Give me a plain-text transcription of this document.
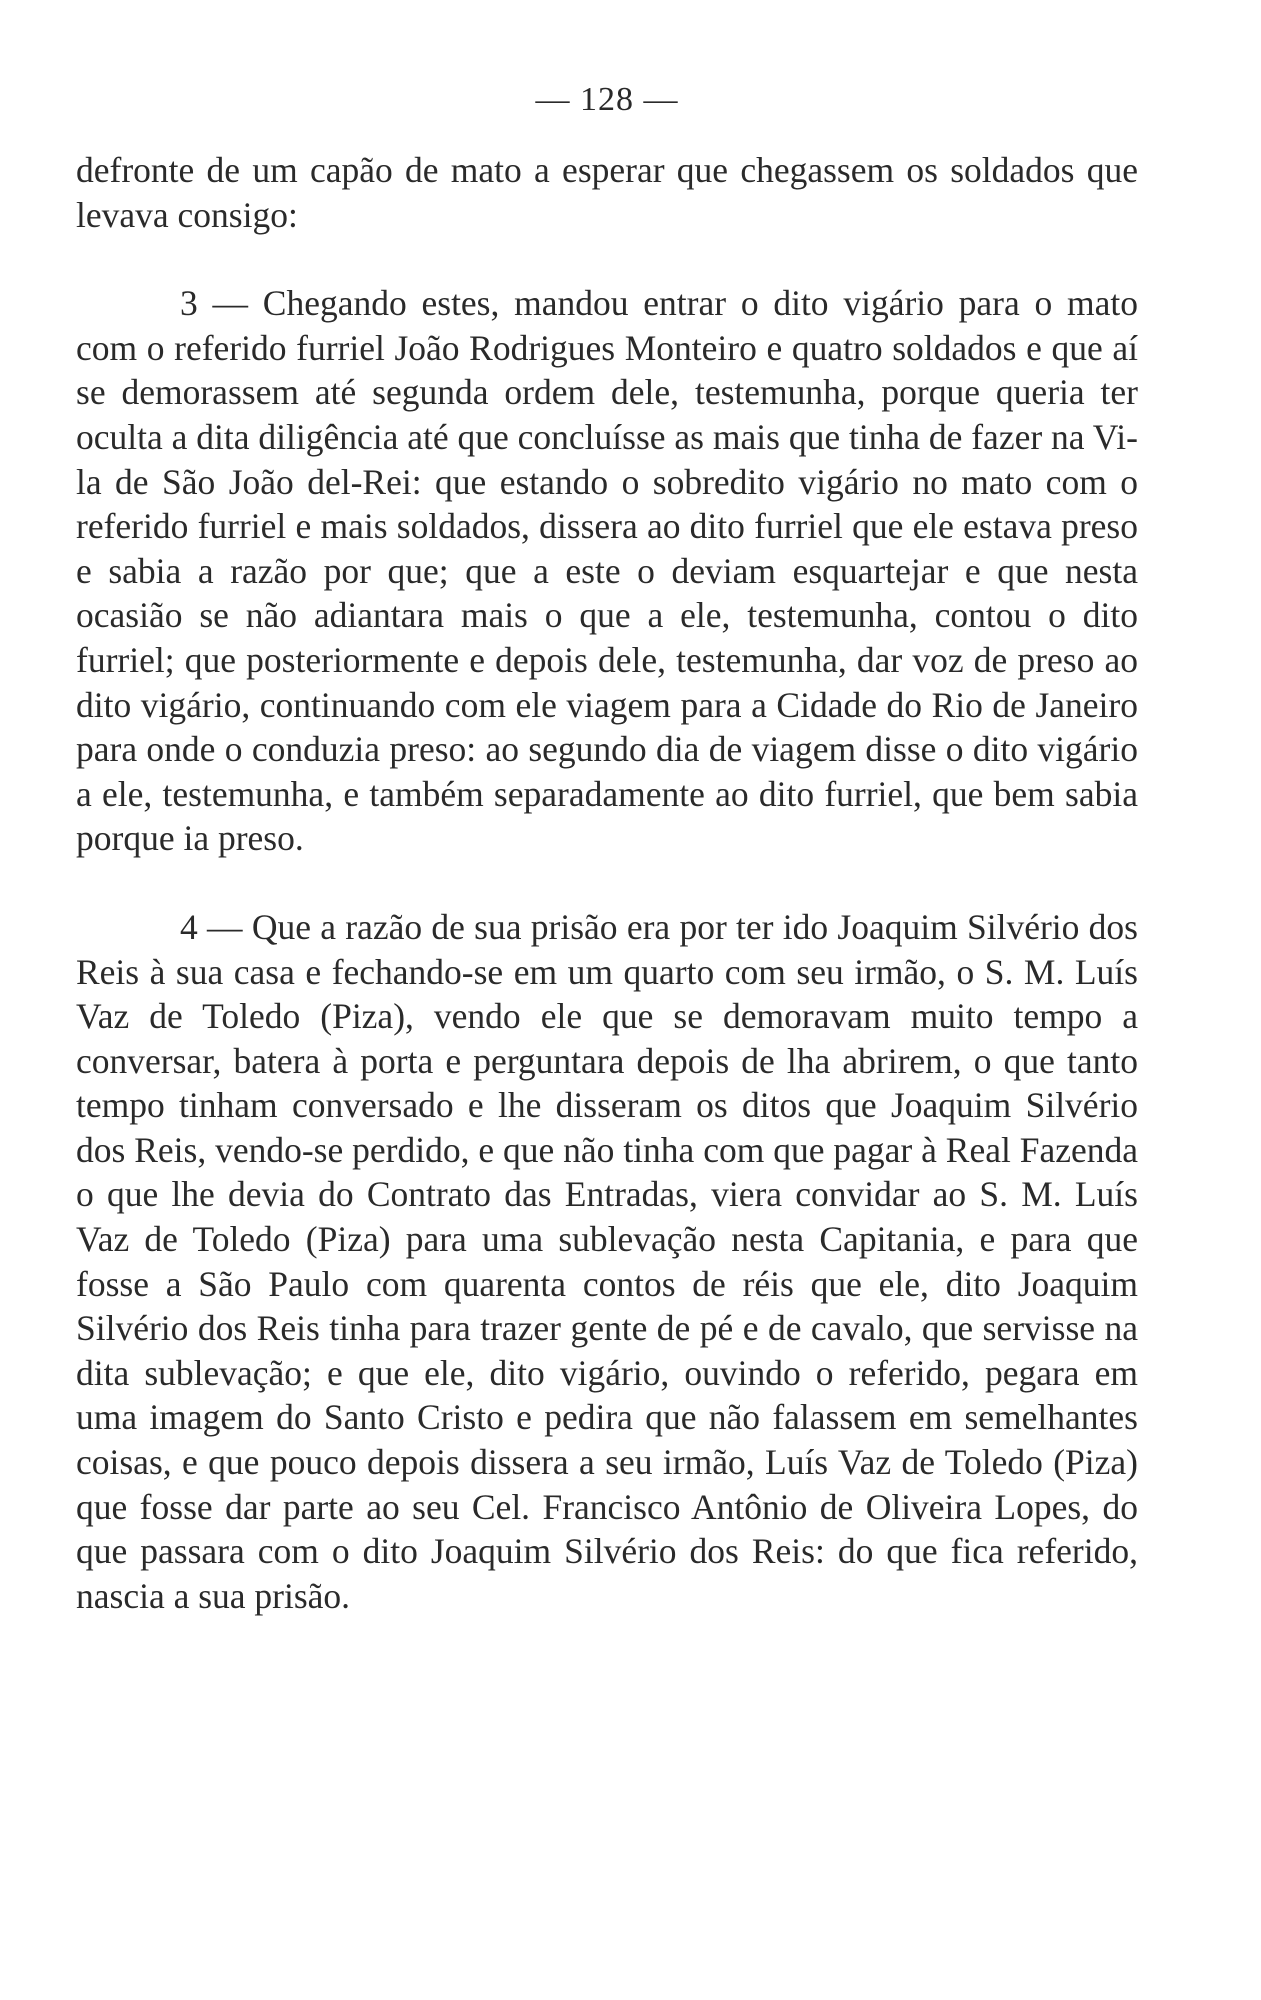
— 128 —

defronte de um capão de mato a esperar que chegassem os soldados que levava consigo:

3 — Chegando estes, mandou entrar o dito vigário para o mato com o referido furriel João Rodrigues Monteiro e quatro soldados e que aí se demorassem até segunda ordem dele, testemunha, porque queria ter oculta a dita diligência até que concluísse as mais que tinha de fazer na Vila de São João del-Rei: que estando o sobredito vigário no mato com o referido furriel e mais soldados, dissera ao dito furriel que ele estava preso e sabia a razão por que; que a este o deviam esquartejar e que nesta ocasião se não adiantara mais o que a ele, testemunha, contou o dito furriel; que posteriormente e depois dele, testemunha, dar voz de preso ao dito vigário, continuando com ele viagem para a Cidade do Rio de Janeiro para onde o conduzia preso: ao segundo dia de viagem disse o dito vigário a ele, testemunha, e também separadamente ao dito furriel, que bem sabia porque ia preso.

4 — Que a razão de sua prisão era por ter ido Joaquim Silvério dos Reis à sua casa e fechando-se em um quarto com seu irmão, o S. M. Luís Vaz de Toledo (Piza), vendo ele que se demoravam muito tempo a conversar, batera à porta e perguntara depois de lha abrirem, o que tanto tempo tinham conversado e lhe disseram os ditos que Joaquim Silvério dos Reis, vendo-se perdido, e que não tinha com que pagar à Real Fazenda o que lhe devia do Contrato das Entradas, viera convidar ao S. M. Luís Vaz de Toledo (Piza) para uma sublevação nesta Capitania, e para que fosse a São Paulo com quarenta contos de réis que ele, dito Joaquim Silvério dos Reis tinha para trazer gente de pé e de cavalo, que servisse na dita sublevação; e que ele, dito vigário, ouvindo o referido, pegara em uma imagem do Santo Cristo e pedira que não falassem em semelhantes coisas, e que pouco depois dissera a seu irmão, Luís Vaz de Toledo (Piza) que fosse dar parte ao seu Cel. Francisco Antônio de Oliveira Lopes, do que passara com o dito Joaquim Silvério dos Reis: do que fica referido, nascia a sua prisão.
